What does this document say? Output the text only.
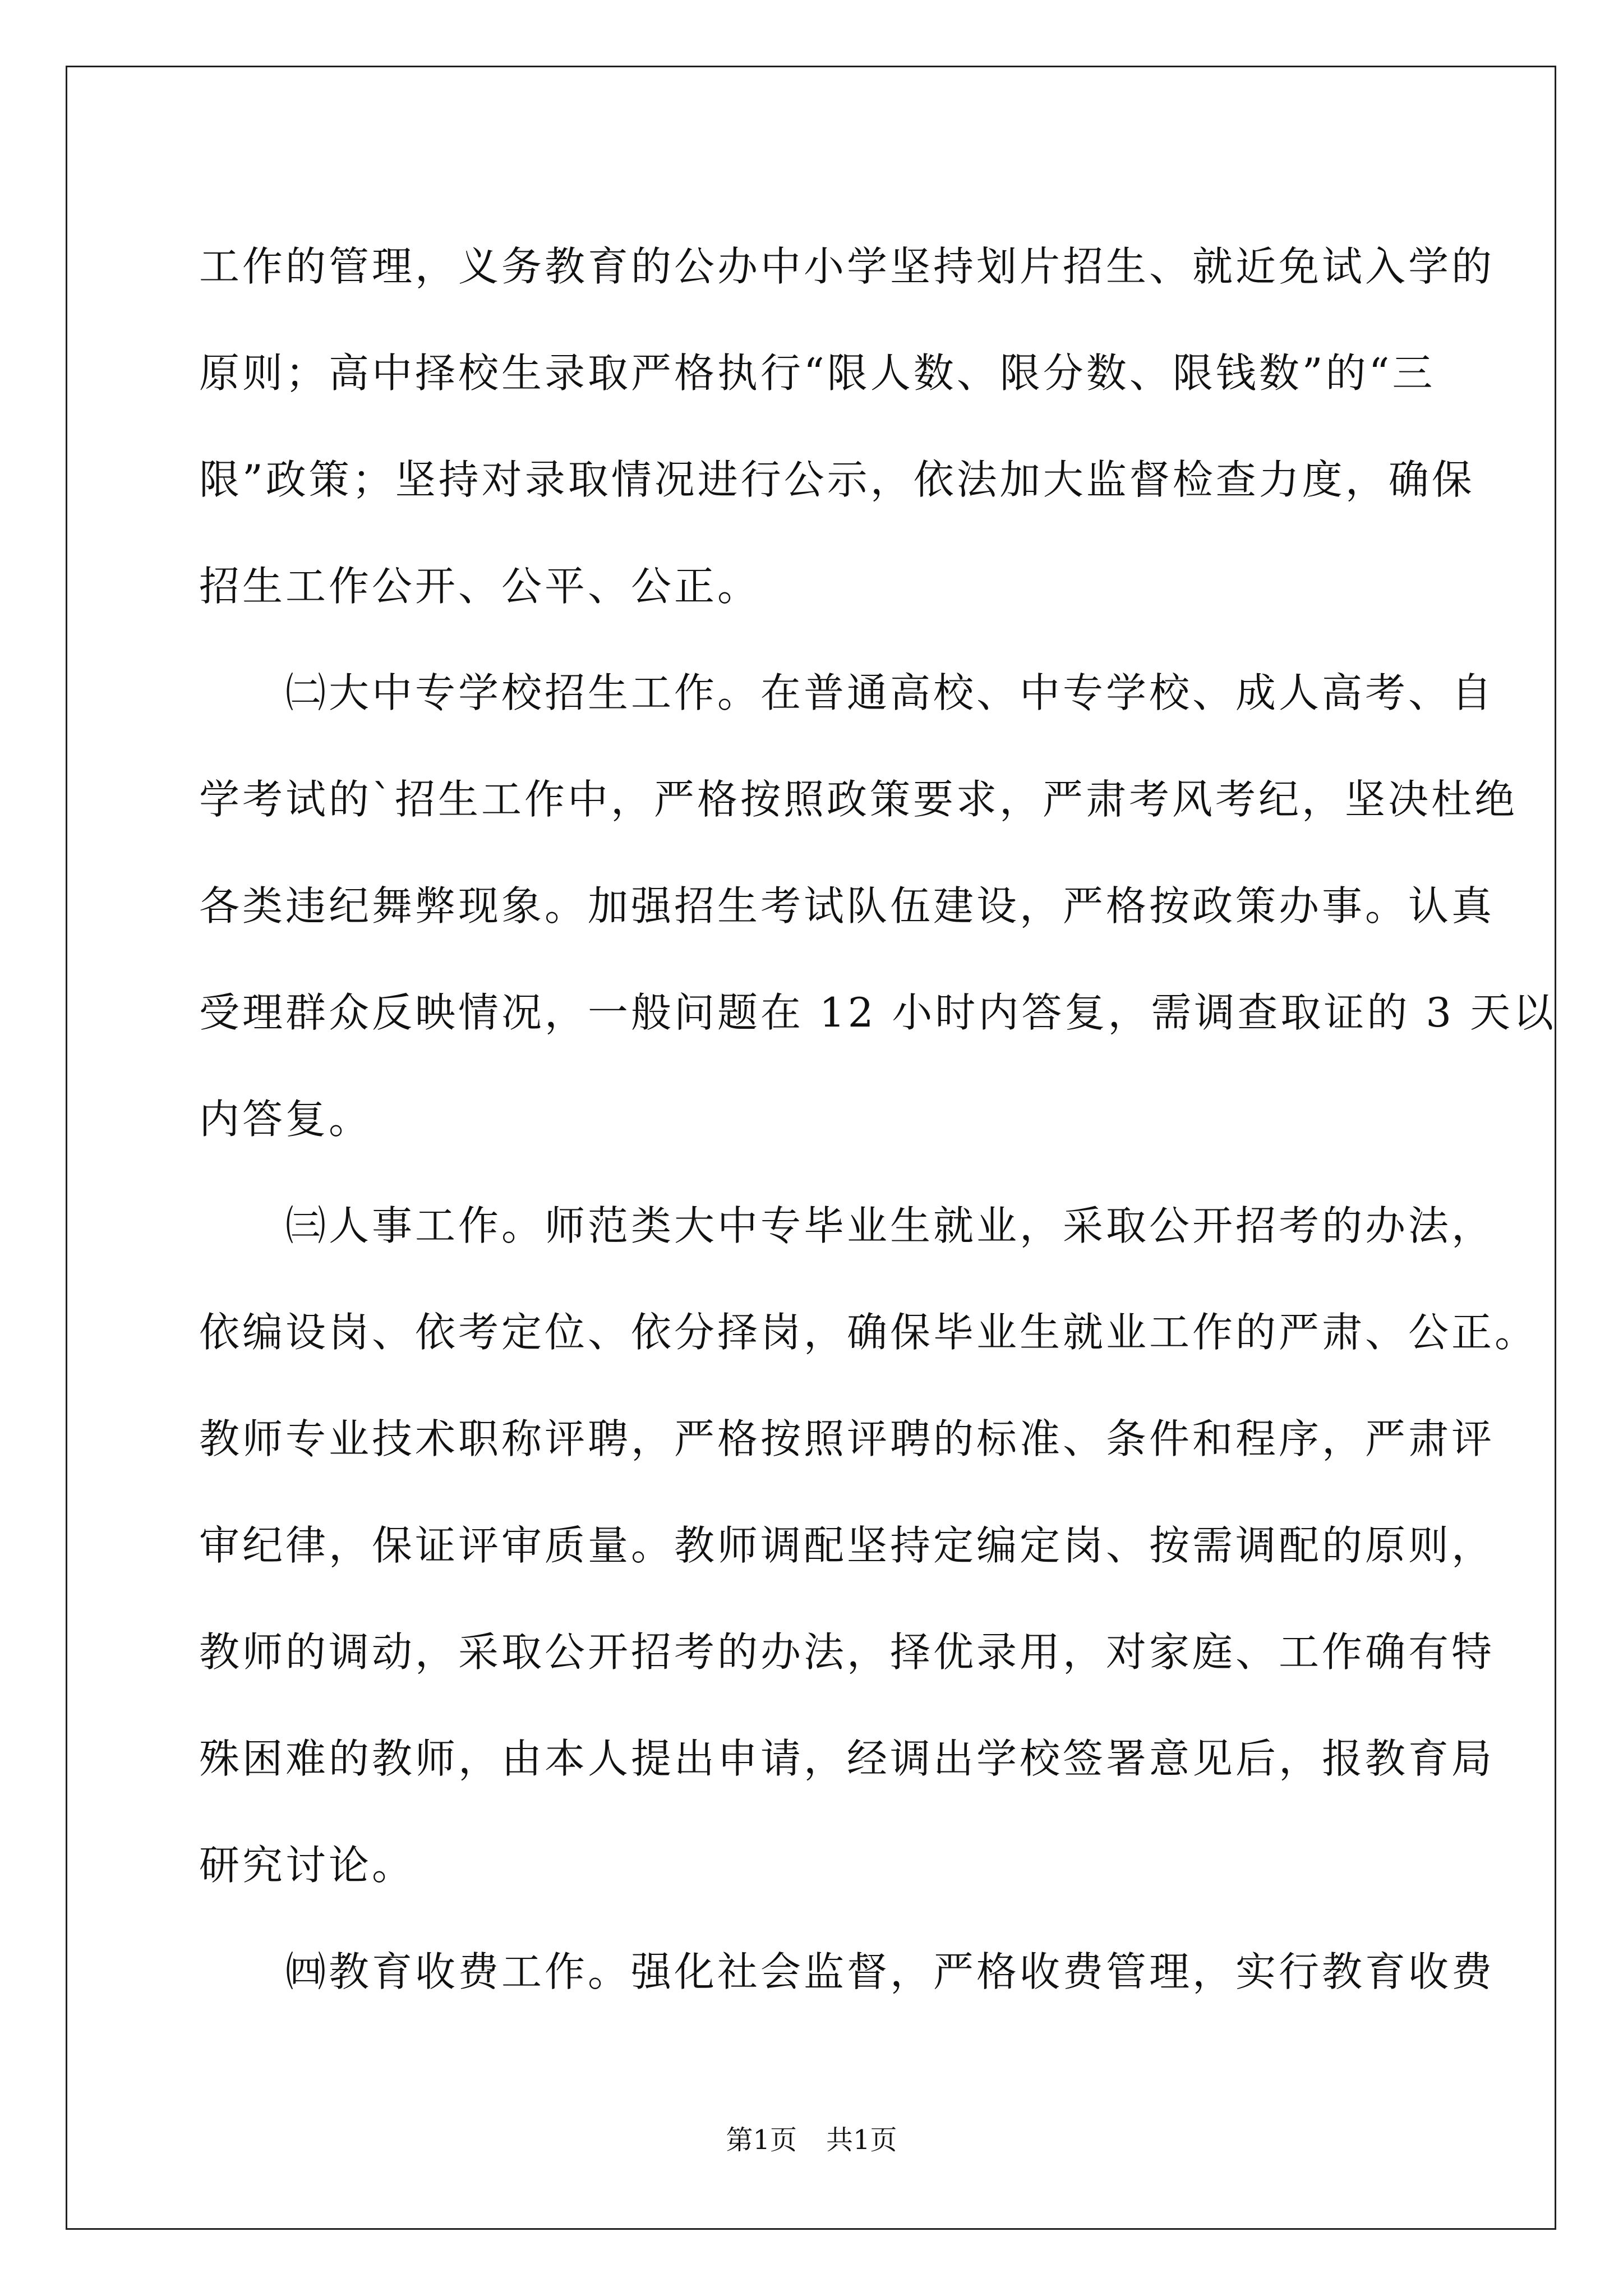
工作的管理，义务教育的公办中小学坚持划片招生、就近免试入学的
原则；高中择校生录取严格执行“限人数、限分数、限钱数”的“三
限”政策；坚持对录取情况进行公示，依法加大监督检查力度，确保
招生工作公开、公平、公正。
　　㈡大中专学校招生工作。在普通高校、中专学校、成人高考、自
学考试的`招生工作中，严格按照政策要求，严肃考风考纪，坚决杜绝
各类违纪舞弊现象。加强招生考试队伍建设，严格按政策办事。认真
受理群众反映情况，一般问题在 12 小时内答复，需调查取证的 3 天以
内答复。
　　㈢人事工作。师范类大中专毕业生就业，采取公开招考的办法，
依编设岗、依考定位、依分择岗，确保毕业生就业工作的严肃、公正。
教师专业技术职称评聘，严格按照评聘的标准、条件和程序，严肃评
审纪律，保证评审质量。教师调配坚持定编定岗、按需调配的原则，
教师的调动，采取公开招考的办法，择优录用，对家庭、工作确有特
殊困难的教师，由本人提出申请，经调出学校签署意见后，报教育局
研究讨论。
　　㈣教育收费工作。强化社会监督，严格收费管理，实行教育收费
第1页 共1页
